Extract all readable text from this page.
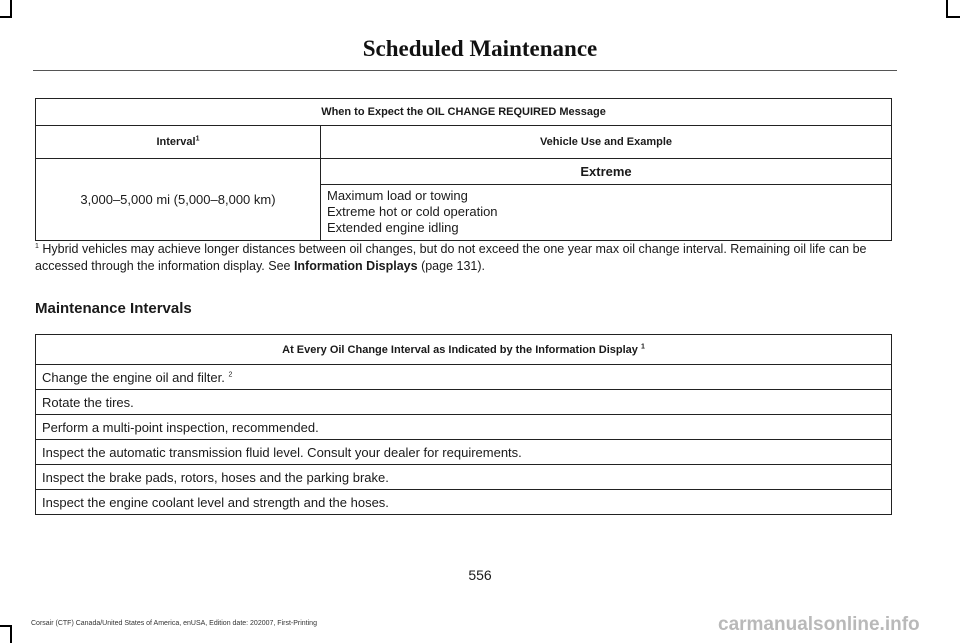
Scheduled Maintenance
When to Expect the OIL CHANGE REQUIRED Message	
Interval$^1$	Vehicle Use and Example
3,000–5,000 mi (5,000–8,000 km)	Extreme

	Maximum load or towing
Extreme hot or cold operation
Extended engine idling
$^1$ Hybrid vehicles may achieve longer distances between oil changes, but do not exceed the one year max oil change interval. Remaining oil life can be accessed through the information display. See Information Displays (page 131).
Maintenance Intervals
At Every Oil Change Interval as Indicated by the Information Display $^1$
Change the engine oil and filter. $^2$
Rotate the tires.
Perform a multi-point inspection, recommended.
Inspect the automatic transmission fluid level. Consult your dealer for requirements.
Inspect the brake pads, rotors, hoses and the parking brake.
Inspect the engine coolant level and strength and the hoses.
556
Corsair (CTF) Canada/United States of America, enUSA, Edition date: 202007, First-Printing	carmanualsonline.info
